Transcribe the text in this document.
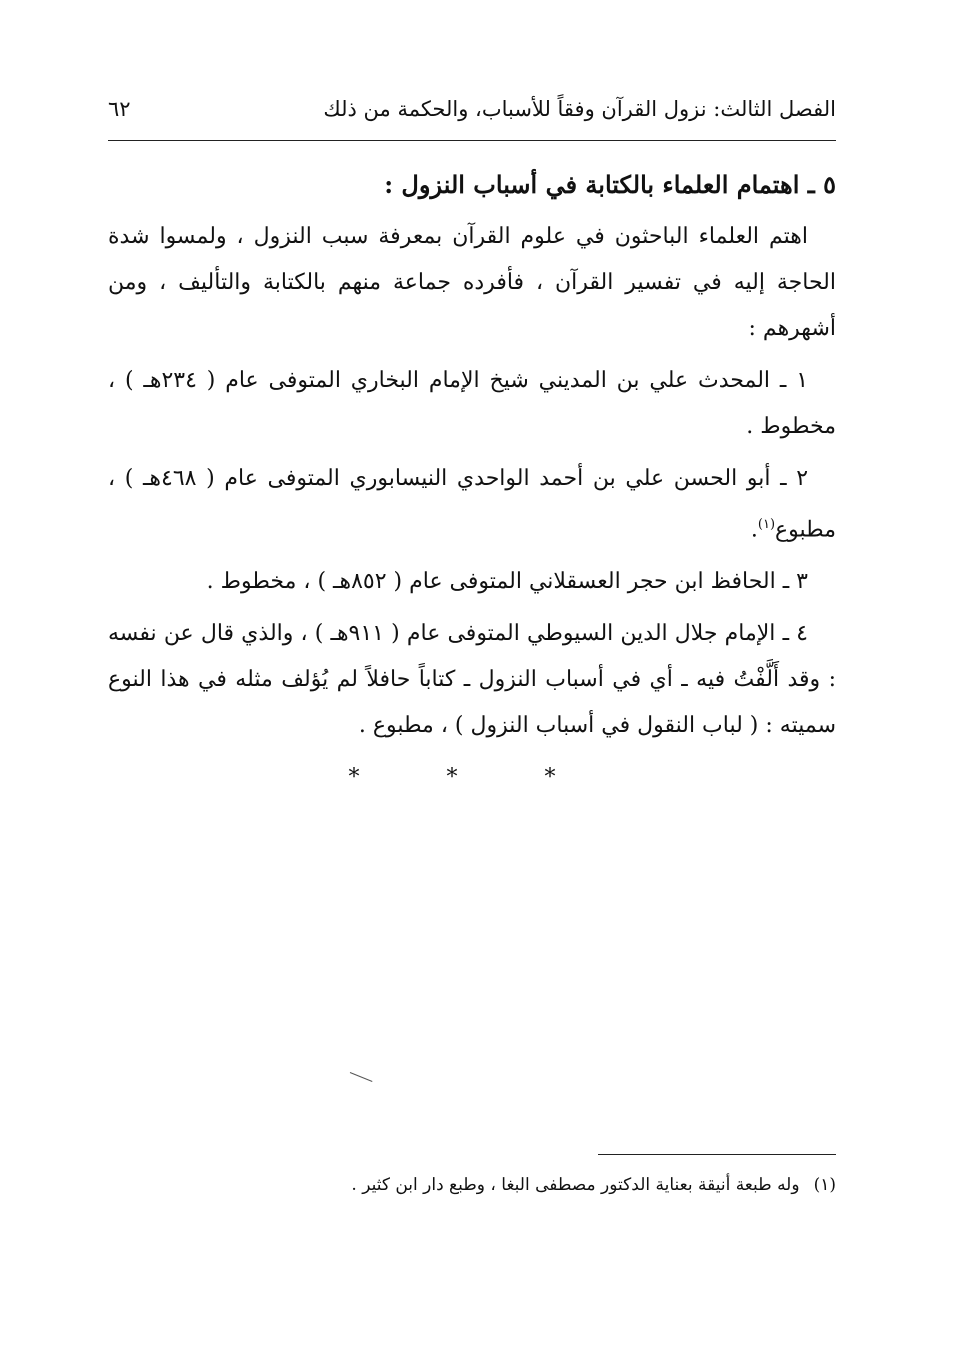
الفصل الثالث: نزول القرآن وفقاً للأسباب، والحكمة من ذلك
٦٢

٥ ـ اهتمام العلماء بالكتابة في أسباب النزول :

اهتم العلماء الباحثون في علوم القرآن بمعرفة سبب النزول ، ولمسوا شدة الحاجة إليه في تفسير القرآن ، فأفرده جماعة منهم بالكتابة والتأليف ، ومن أشهرهم :

١ ـ المحدث علي بن المديني شيخ الإمام البخاري المتوفى عام ( ٢٣٤هـ ) ، مخطوط .

٢ ـ أبو الحسن علي بن أحمد الواحدي النيسابوري المتوفى عام ( ٤٦٨هـ ) ، مطبوع$^{(١)}$.

٣ ـ الحافظ ابن حجر العسقلاني المتوفى عام ( ٨٥٢هـ ) ، مخطوط .

٤ ـ الإمام جلال الدين السيوطي المتوفى عام ( ٩١١هـ ) ، والذي قال عن نفسه : وقد أَلَّفْتُ فيه ـ أي في أسباب النزول ـ كتاباً حافلاً لم يُؤلف مثله في هذا النوع سميته : ( لباب النقول في أسباب النزول ) ، مطبوع .

* * *
(١)وله طبعة أنيقة بعناية الدكتور مصطفى البغا ، وطبع دار ابن كثير .
